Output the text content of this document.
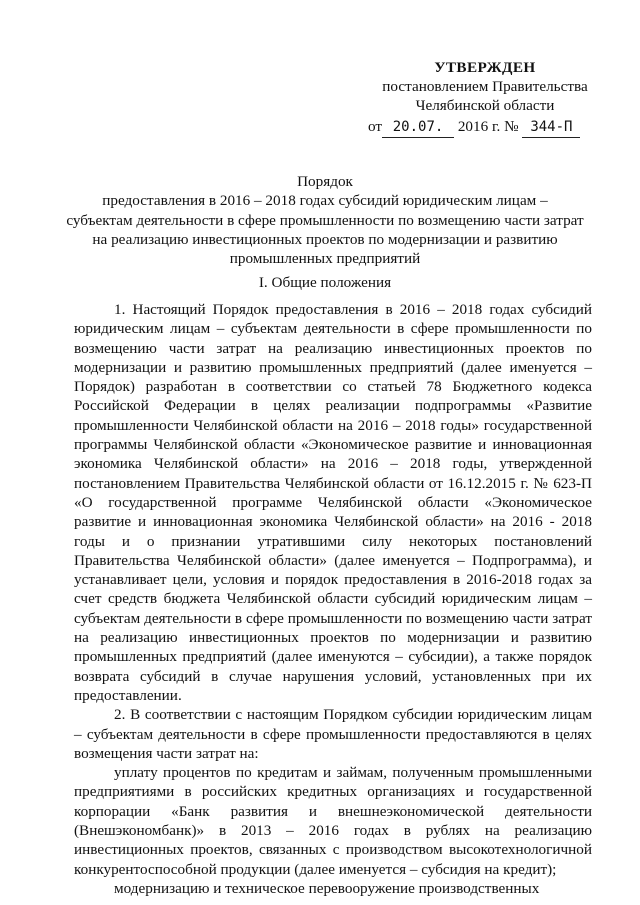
УТВЕРЖДЕН
постановлением Правительства
Челябинской области
от 20.07. 2016 г. № 344-П
Порядок
предоставления в 2016 – 2018 годах субсидий юридическим лицам –
субъектам деятельности в сфере промышленности по возмещению части затрат
на реализацию инвестиционных проектов по модернизации и развитию
промышленных предприятий
I. Общие положения

1. Настоящий Порядок предоставления в 2016 – 2018 годах субсидий юридическим лицам – субъектам деятельности в сфере промышленности по возмещению части затрат на реализацию инвестиционных проектов по модернизации и развитию промышленных предприятий (далее именуется – Порядок) разработан в соответствии со статьей 78 Бюджетного кодекса Российской Федерации в целях реализации подпрограммы «Развитие промышленности Челябинской области на 2016 – 2018 годы» государственной программы Челябинской области «Экономическое развитие и инновационная экономика Челябинской области» на 2016 – 2018 годы, утвержденной постановлением Правительства Челябинской области от 16.12.2015 г. № 623-П «О государственной программе Челябинской области «Экономическое развитие и инновационная экономика Челябинской области» на 2016 - 2018 годы и о признании утратившими силу некоторых постановлений Правительства Челябинской области» (далее именуется – Подпрограмма), и устанавливает цели, условия и порядок предоставления в 2016-2018 годах за счет средств бюджета Челябинской области субсидий юридическим лицам – субъектам деятельности в сфере промышленности по возмещению части затрат на реализацию инвестиционных проектов по модернизации и развитию промышленных предприятий (далее именуются – субсидии), а также порядок возврата субсидий в случае нарушения условий, установленных при их предоставлении.

2. В соответствии с настоящим Порядком субсидии юридическим лицам – субъектам деятельности в сфере промышленности предоставляются в целях возмещения части затрат на:

уплату процентов по кредитам и займам, полученным промышленными предприятиями в российских кредитных организациях и государственной корпорации «Банк развития и внешнеэкономической деятельности (Внешэкономбанк)» в 2013 – 2016 годах в рублях на реализацию инвестиционных проектов, связанных с производством высокотехнологичной конкурентоспособной продукции (далее именуется – субсидия на кредит);

модернизацию и техническое перевооружение производственных
